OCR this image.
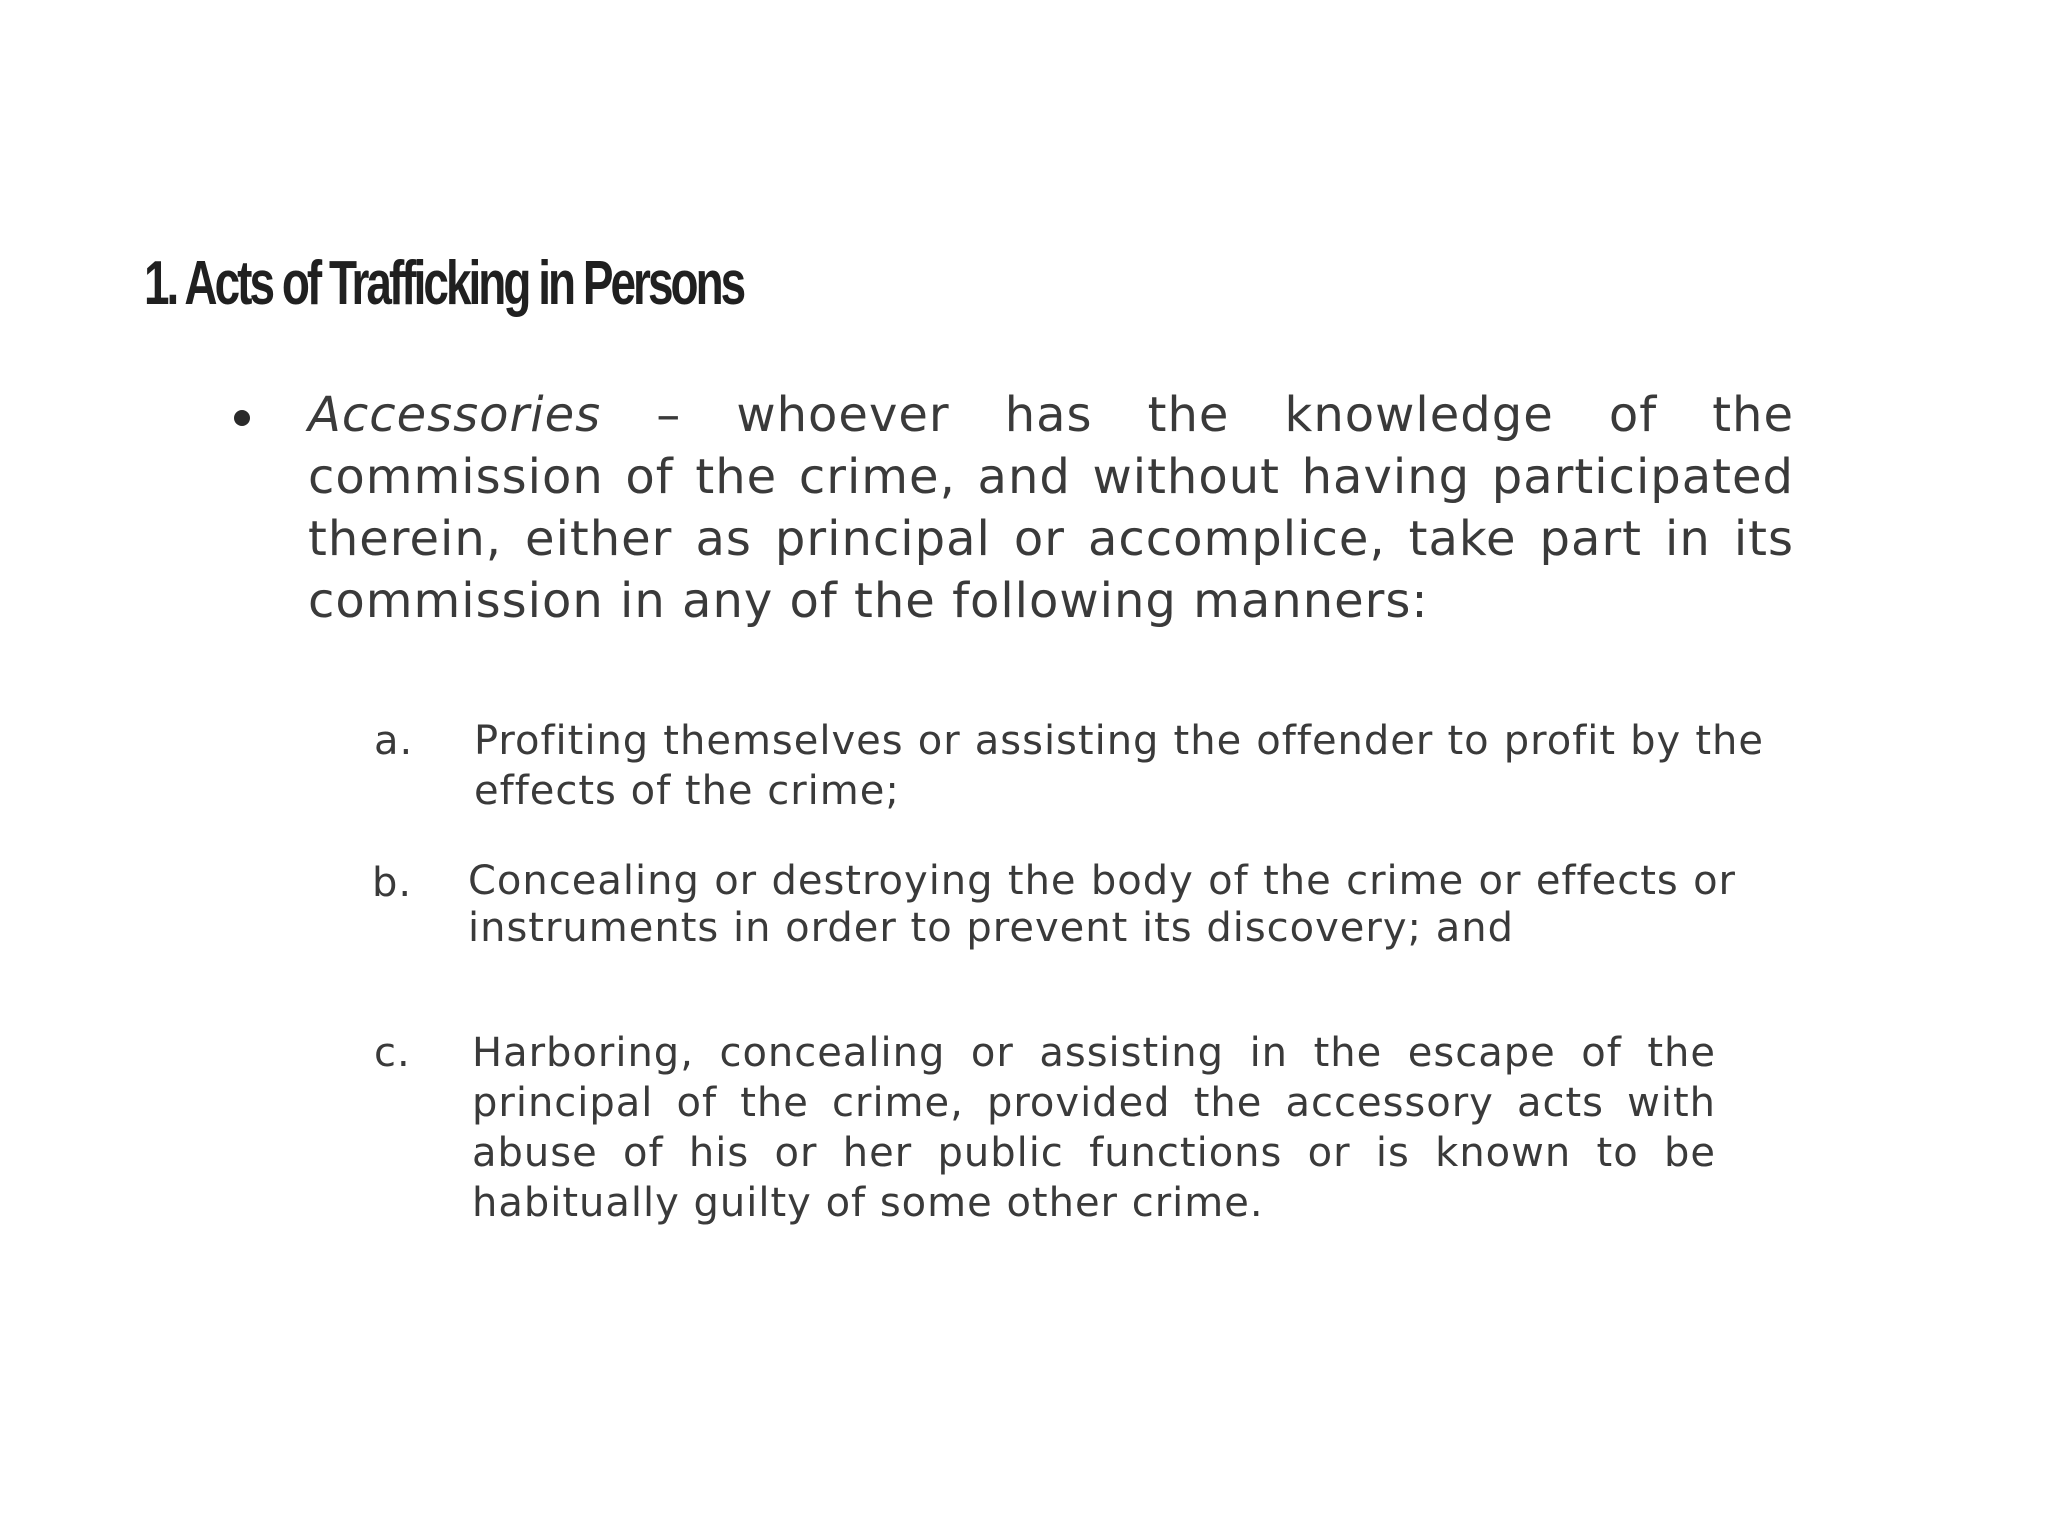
1. Acts of Trafficking in Persons

Accessories – whoever has the knowledge of the commission of the crime, and without having participated therein, either as principal or accomplice, take part in its commission in any of the following manners:

a.	Profiting themselves or assisting the offender to profit by the effects of the crime;

b.	Concealing or destroying the body of the crime or effects or instruments in order to prevent its discovery; and

c.	Harboring, concealing or assisting in the escape of the principal of the crime, provided the accessory acts with abuse of his or her public functions or is known to be habitually guilty of some other crime.
